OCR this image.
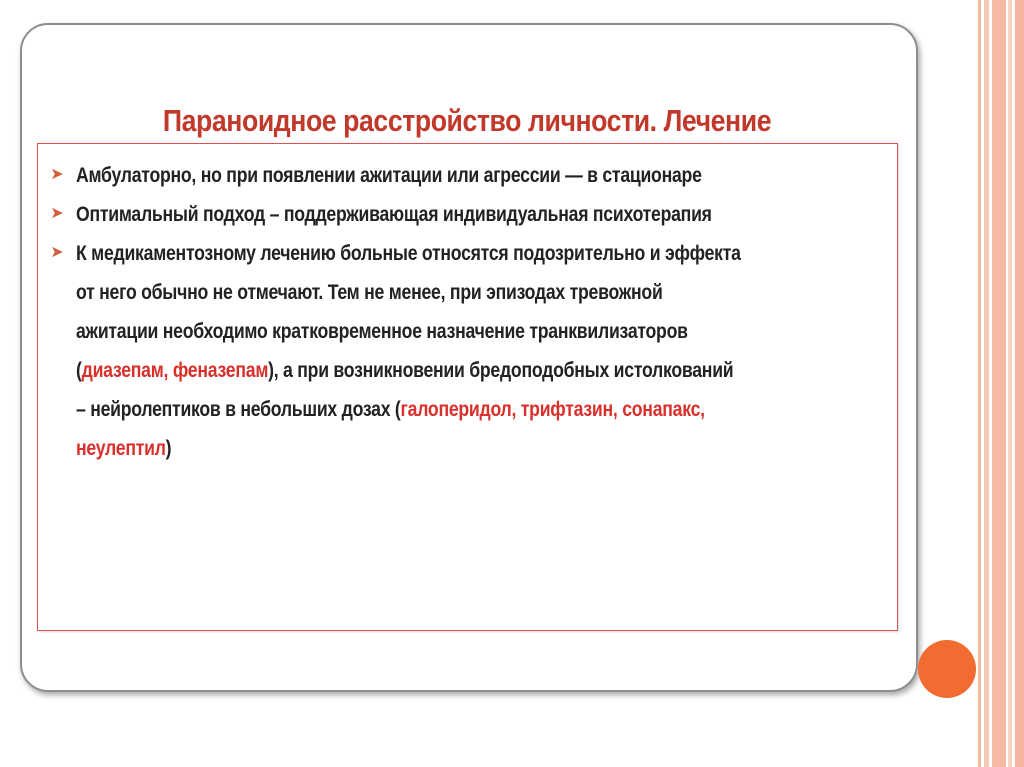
Параноидное расстройство личности. Лечение
➤ Амбулаторно, но при появлении ажитации или агрессии — в стационаре
➤ Оптимальный подход – поддерживающая индивидуальная психотерапия
➤ К медикаментозному лечению больные относятся подозрительно и эффекта
от него обычно не отмечают. Тем не менее, при эпизодах тревожной
ажитации необходимо кратковременное назначение транквилизаторов
(диазепам, феназепам), а при возникновении бредоподобных истолкований
– нейролептиков в небольших дозах (галоперидол, трифтазин, сонапакс,
неулептил)
